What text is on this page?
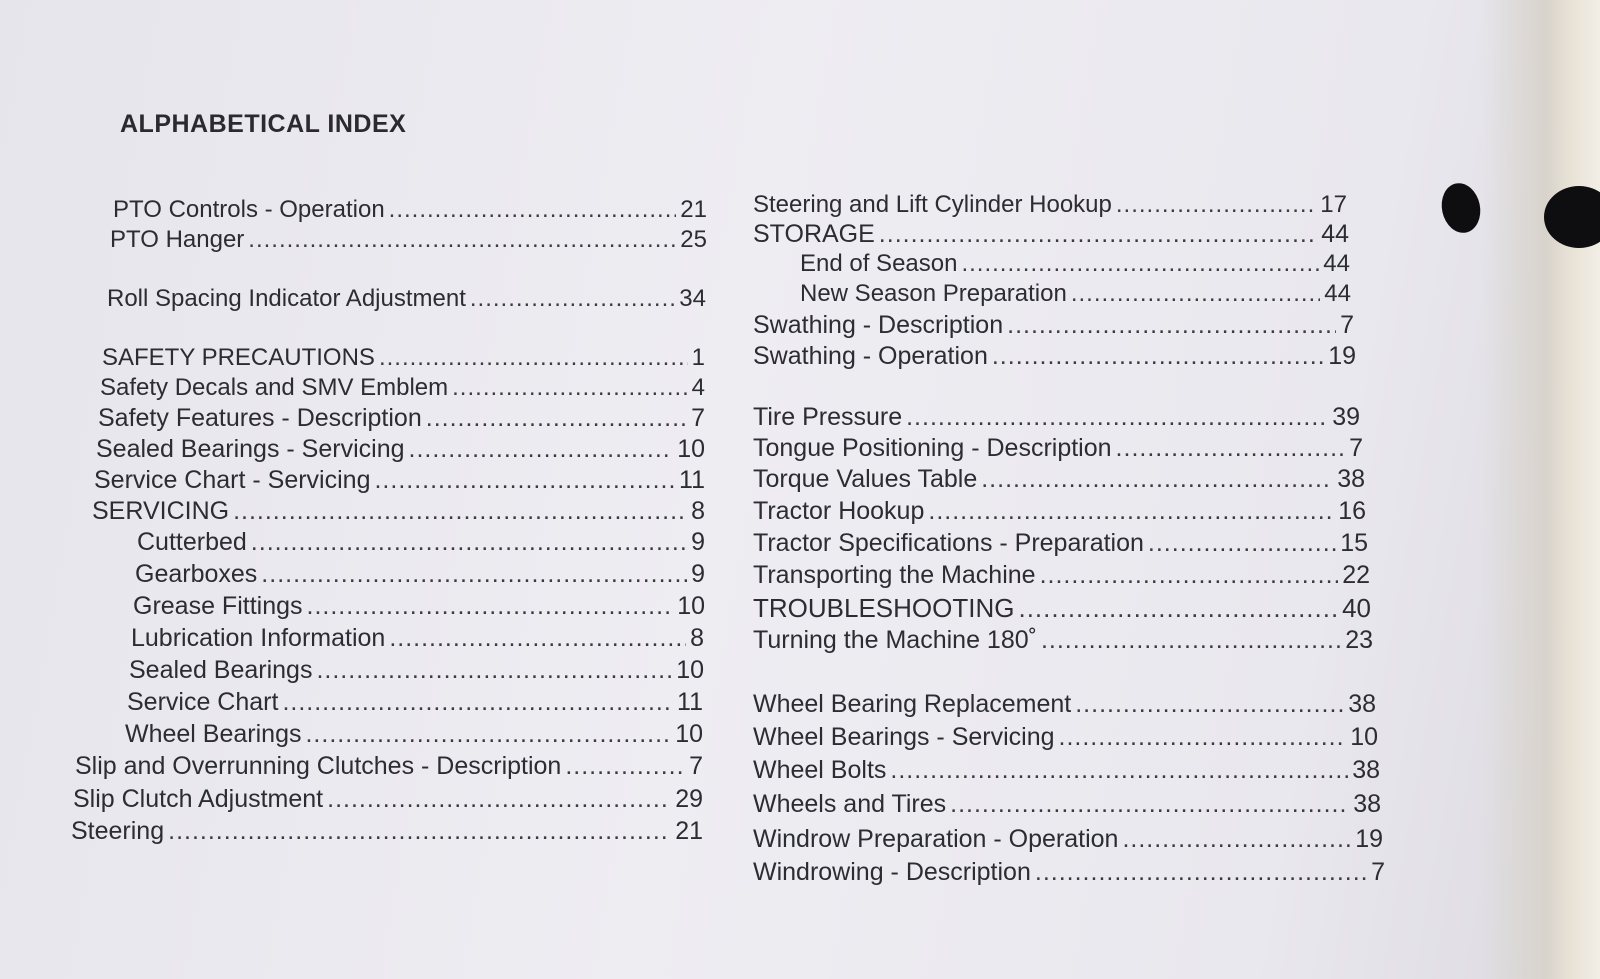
ALPHABETICAL INDEX
PTO Controls - Operation .....	21
PTO Hanger .....	25
Roll Spacing Indicator Adjustment .....	34
SAFETY PRECAUTIONS .....	1
Safety Decals and SMV Emblem .....	4
Safety Features - Description .....	7
Sealed Bearings - Servicing .....	10
Service Chart - Servicing .....	11
SERVICING .....	8
Cutterbed .....	9
Gearboxes .....	9
Grease Fittings .....	10
Lubrication Information .....	8
Sealed Bearings .....	10
Service Chart .....	11
Wheel Bearings .....	10
Slip and Overrunning Clutches - Description .....	7
Slip Clutch Adjustment .....	29
Steering .....	21
Steering and Lift Cylinder Hookup .....	17
STORAGE .....	44
End of Season .....	44
New Season Preparation .....	44
Swathing - Description .....	7
Swathing - Operation .....	19
Tire Pressure .....	39
Tongue Positioning - Description .....	7
Torque Values Table .....	38
Tractor Hookup .....	16
Tractor Specifications - Preparation .....	15
Transporting the Machine .....	22
TROUBLESHOOTING .....	40
Turning the Machine 180˚ .....	23
Wheel Bearing Replacement .....	38
Wheel Bearings - Servicing .....	10
Wheel Bolts .....	38
Wheels and Tires .....	38
Windrow Preparation - Operation .....	19
Windrowing - Description .....	7
